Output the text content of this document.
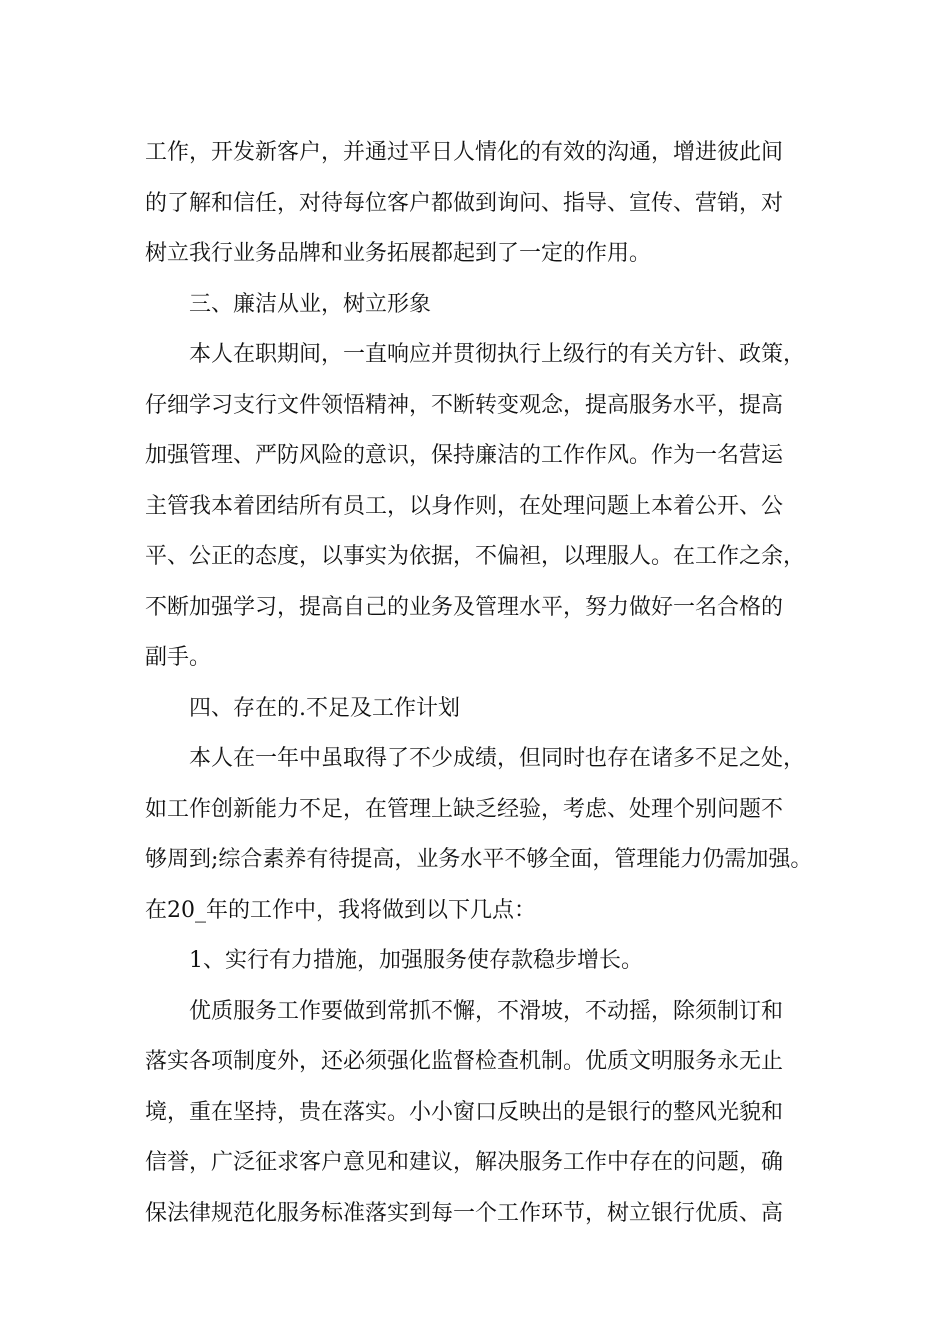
工作，开发新客户，并通过平日人情化的有效的沟通，增进彼此间
的了解和信任，对待每位客户都做到询问、指导、宣传、营销，对
树立我行业务品牌和业务拓展都起到了一定的作用。
三、廉洁从业，树立形象
本人在职期间，一直响应并贯彻执行上级行的有关方针、政策，
仔细学习支行文件领悟精神，不断转变观念，提高服务水平，提高
加强管理、严防风险的意识，保持廉洁的工作作风。作为一名营运
主管我本着团结所有员工，以身作则，在处理问题上本着公开、公
平、公正的态度，以事实为依据，不偏袒，以理服人。在工作之余，
不断加强学习，提高自己的业务及管理水平，努力做好一名合格的
副手。
四、存在的.不足及工作计划
本人在一年中虽取得了不少成绩，但同时也存在诸多不足之处，
如工作创新能力不足，在管理上缺乏经验，考虑、处理个别问题不
够周到;综合素养有待提高，业务水平不够全面，管理能力仍需加强。
在20_年的工作中，我将做到以下几点：
1、实行有力措施，加强服务使存款稳步增长。
优质服务工作要做到常抓不懈，不滑坡，不动摇，除须制订和
落实各项制度外，还必须强化监督检查机制。优质文明服务永无止
境，重在坚持，贵在落实。小小窗口反映出的是银行的整风光貌和
信誉，广泛征求客户意见和建议，解决服务工作中存在的问题，确
保法律规范化服务标准落实到每一个工作环节，树立银行优质、高
